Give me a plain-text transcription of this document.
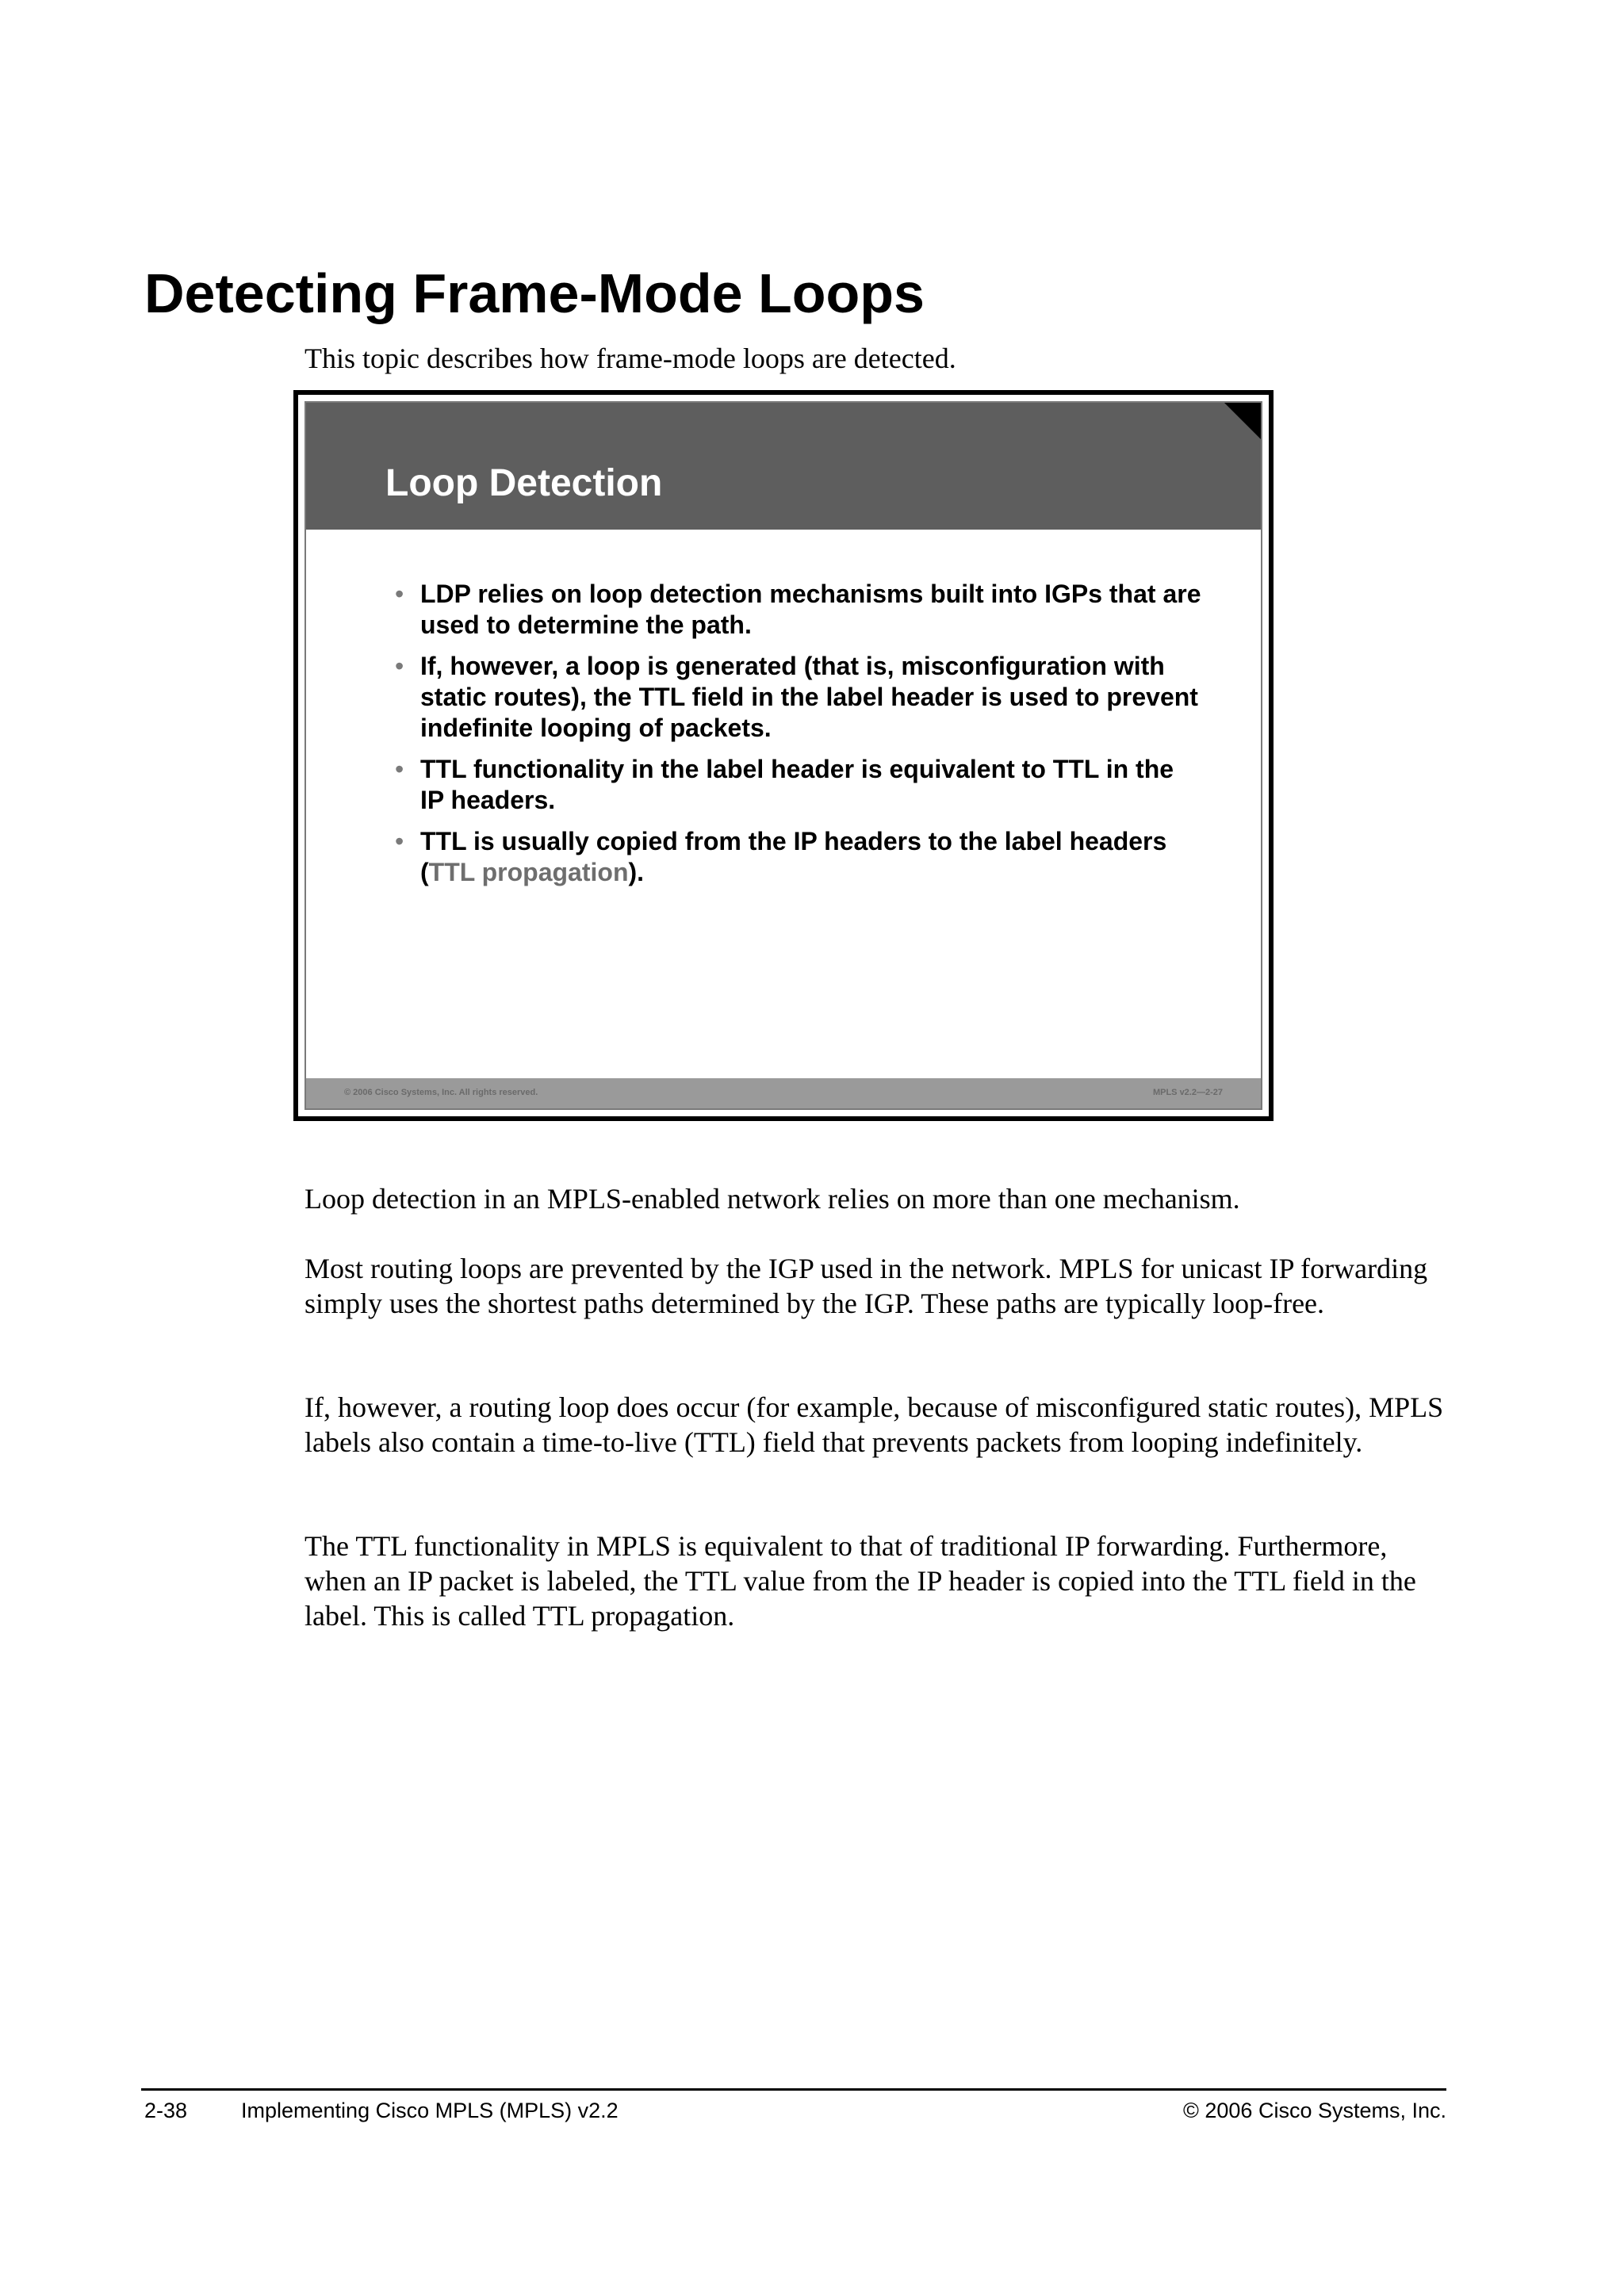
Detecting Frame-Mode Loops
This topic describes how frame-mode loops are detected.
Loop Detection
• LDP relies on loop detection mechanisms built into IGPs that are used to determine the path.
• If, however, a loop is generated (that is, misconfiguration with static routes), the TTL field in the label header is used to prevent indefinite looping of packets.
• TTL functionality in the label header is equivalent to TTL in the IP headers.
• TTL is usually copied from the IP headers to the label headers (TTL propagation).
© 2006 Cisco Systems, Inc. All rights reserved.	MPLS v2.2—2-27

Loop detection in an MPLS-enabled network relies on more than one mechanism.

Most routing loops are prevented by the IGP used in the network. MPLS for unicast IP forwarding simply uses the shortest paths determined by the IGP. These paths are typically loop-free.

If, however, a routing loop does occur (for example, because of misconfigured static routes), MPLS labels also contain a time-to-live (TTL) field that prevents packets from looping indefinitely.

The TTL functionality in MPLS is equivalent to that of traditional IP forwarding. Furthermore, when an IP packet is labeled, the TTL value from the IP header is copied into the TTL field in the label. This is called TTL propagation.

2-38	Implementing Cisco MPLS (MPLS) v2.2	© 2006 Cisco Systems, Inc.
